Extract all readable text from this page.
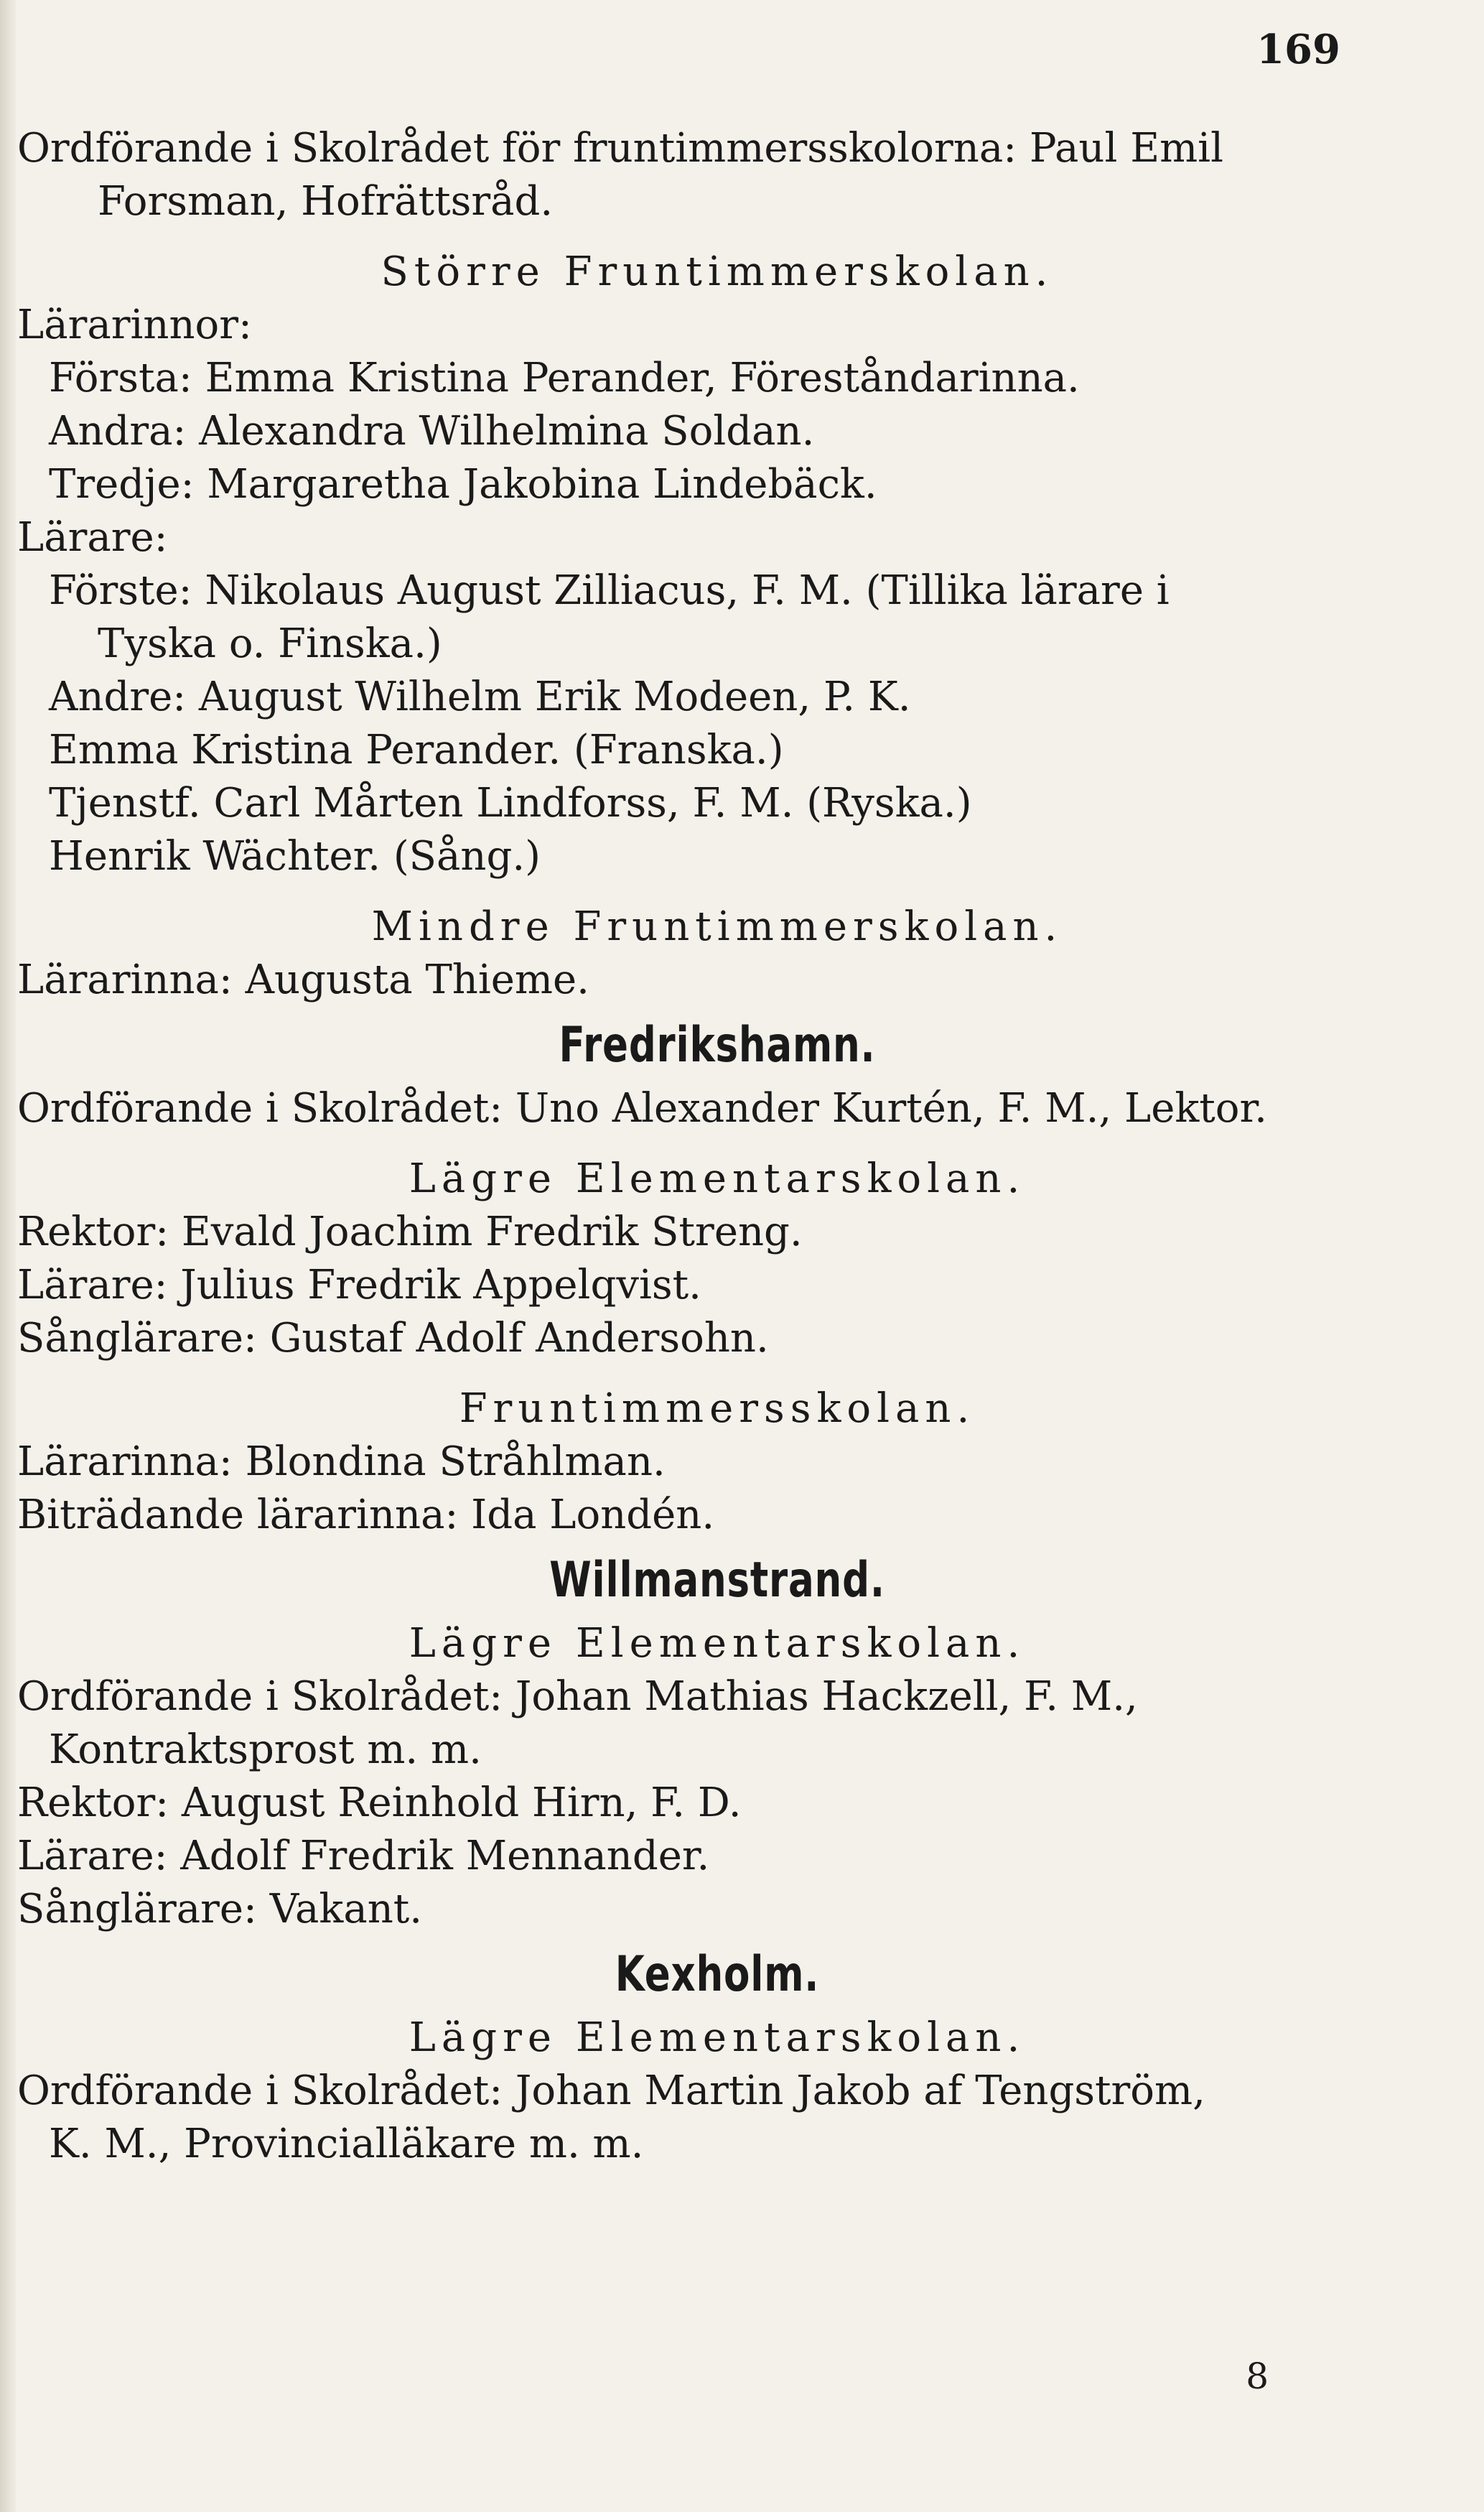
169
Ordförande i Skolrådet för fruntimmersskolorna: Paul Emil
Forsman, Hofrättsråd.
Större Fruntimmerskolan.
Lärarinnor:
Första: Emma Kristina Perander, Föreståndarinna.
Andra: Alexandra Wilhelmina Soldan.
Tredje: Margaretha Jakobina Lindebäck.
Lärare:
Förste: Nikolaus August Zilliacus, F. M. (Tillika lärare i
Tyska o. Finska.)
Andre: August Wilhelm Erik Modeen, P. K.
Emma Kristina Perander. (Franska.)
Tjenstf. Carl Mårten Lindforss, F. M. (Ryska.)
Henrik Wächter. (Sång.)
Mindre Fruntimmerskolan.
Lärarinna: Augusta Thieme.
Fredrikshamn.
Ordförande i Skolrådet: Uno Alexander Kurtén, F. M., Lektor.
Lägre Elementarskolan.
Rektor: Evald Joachim Fredrik Streng.
Lärare: Julius Fredrik Appelqvist.
Sånglärare: Gustaf Adolf Andersohn.
Fruntimmersskolan.
Lärarinna: Blondina Stråhlman.
Biträdande lärarinna: Ida Londén.
Willmanstrand.
Lägre Elementarskolan.
Ordförande i Skolrådet: Johan Mathias Hackzell, F. M.,
Kontraktsprost m. m.
Rektor: August Reinhold Hirn, F. D.
Lärare: Adolf Fredrik Mennander.
Sånglärare: Vakant.
Kexholm.
Lägre Elementarskolan.
Ordförande i Skolrådet: Johan Martin Jakob af Tengström,
K. M., Provincialläkare m. m.
8
